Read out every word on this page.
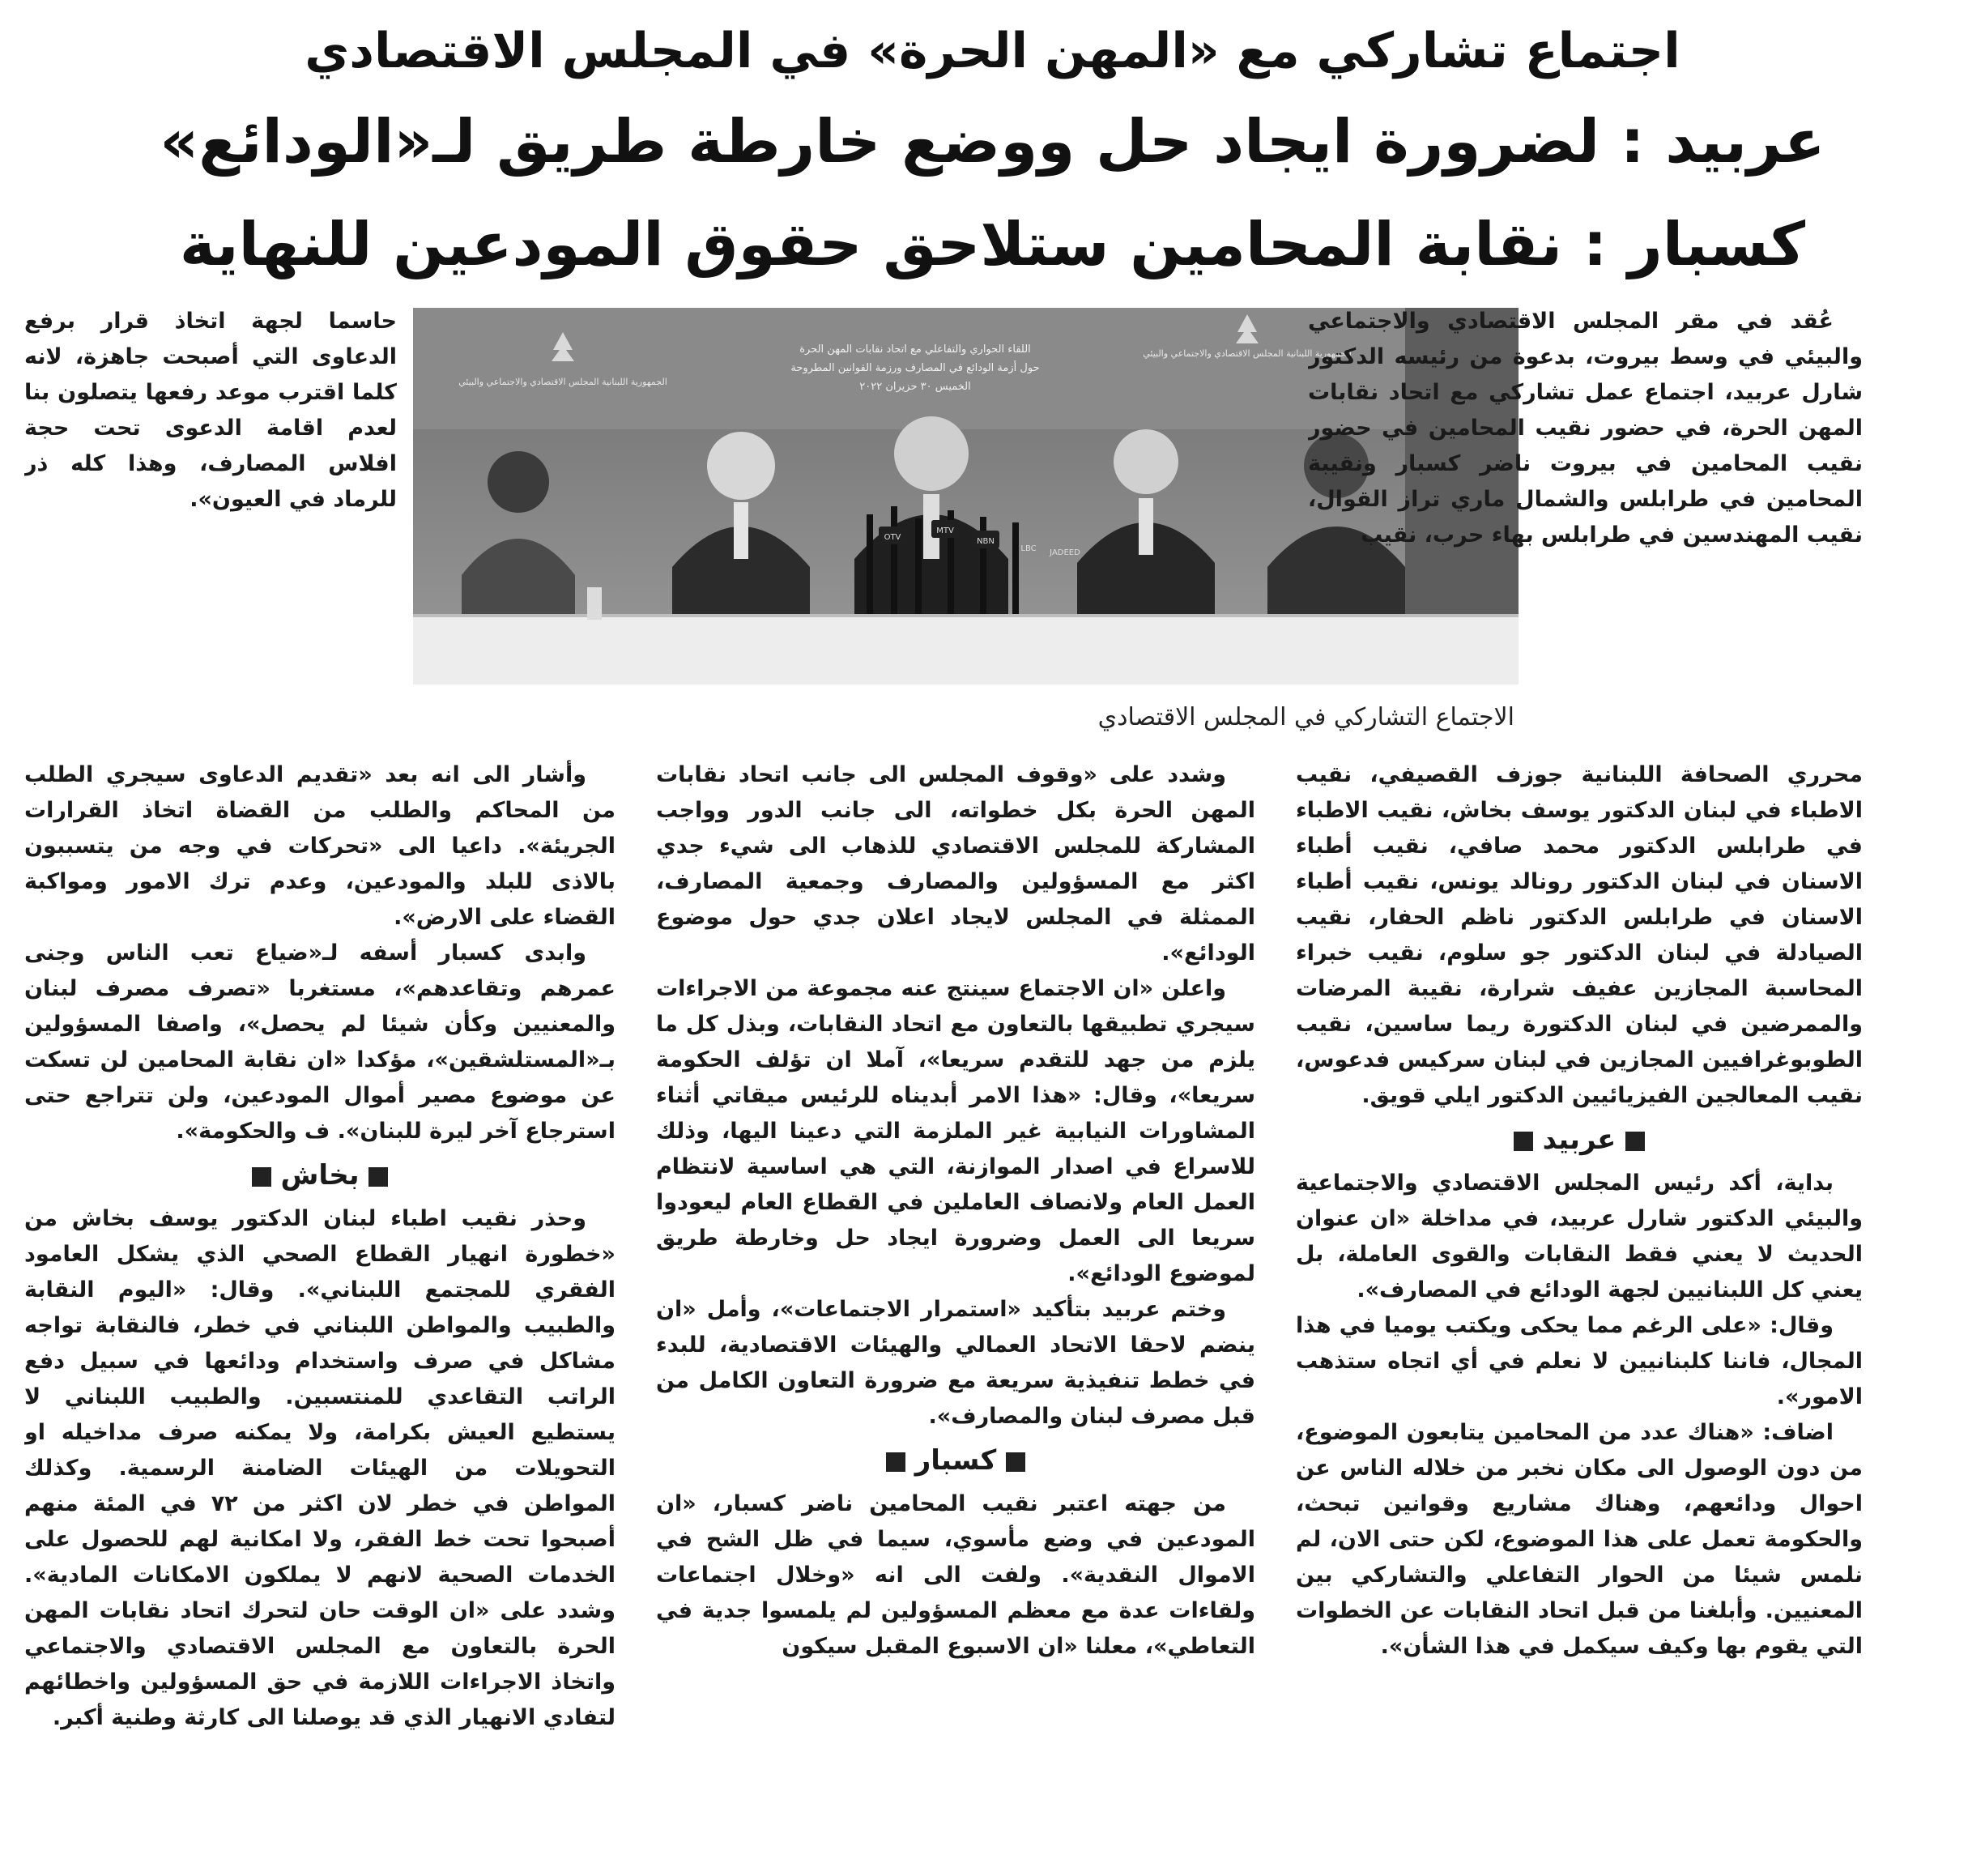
اجتماع تشاركي مع «المهن الحرة» في المجلس الاقتصادي
عربيد : لضرورة ايجاد حل ووضع خارطة طريق لـ«الودائع»
كسبار : نقابة المحامين ستلاحق حقوق المودعين للنهاية
الجمهورية اللبنانية المجلس الاقتصادي والاجتماعي والبيئي
اللقاء الحواري والتفاعلي مع اتحاد نقابات المهن الحرة
حول أزمة الودائع في المصارف ورزمة القوانين المطروحة
الخميس ٣٠ حزيران ٢٠٢٢
الجمهورية اللبنانية المجلس الاقتصادي والاجتماعي والبيئي
OTV
MTV
NBN
LBC JADEED
الاجتماع التشاركي في المجلس الاقتصادي

عُقد في مقر المجلس الاقتصادي والاجتماعي والبيئي في وسط بيروت، بدعوة من رئيسه الدكتور شارل عربيد، اجتماع عمل تشاركي مع اتحاد نقابات المهن الحرة، في حضور نقيب المحامين في حضور نقيب المحامين في بيروت ناضر كسبار ونقيبة المحامين في طرابلس والشمال ماري تراز القوال، نقيب المهندسين في طرابلس بهاء حرب، نقيب

محرري الصحافة اللبنانية جوزف القصيفي، نقيب الاطباء في لبنان الدكتور يوسف بخاش، نقيب الاطباء في طرابلس الدكتور محمد صافي، نقيب أطباء الاسنان في لبنان الدكتور رونالد يونس، نقيب أطباء الاسنان في طرابلس الدكتور ناظم الحفار، نقيب الصيادلة في لبنان الدكتور جو سلوم، نقيب خبراء المحاسبة المجازين عفيف شرارة، نقيبة المرضات والممرضين في لبنان الدكتورة ريما ساسين، نقيب الطوبوغرافيين المجازين في لبنان سركيس فدعوس، نقيب المعالجين الفيزيائيين الدكتور ايلي قويق.

عربيد

بداية، أكد رئيس المجلس الاقتصادي والاجتماعية والبيئي الدكتور شارل عربيد، في مداخلة «ان عنوان الحديث لا يعني فقط النقابات والقوى العاملة، بل يعني كل اللبنانيين لجهة الودائع في المصارف».

وقال: «على الرغم مما يحكى ويكتب يوميا في هذا المجال، فاننا كلبنانيين لا نعلم في أي اتجاه ستذهب الامور».

اضاف: «هناك عدد من المحامين يتابعون الموضوع، من دون الوصول الى مكان نخبر من خلاله الناس عن احوال ودائعهم، وهناك مشاريع وقوانين تبحث، والحكومة تعمل على هذا الموضوع، لكن حتى الان، لم نلمس شيئا من الحوار التفاعلي والتشاركي بين المعنيين. وأبلغنا من قبل اتحاد النقابات عن الخطوات التي يقوم بها وكيف سيكمل في هذا الشأن».

وشدد على «وقوف المجلس الى جانب اتحاد نقابات المهن الحرة بكل خطواته، الى جانب الدور وواجب المشاركة للمجلس الاقتصادي للذهاب الى شيء جدي اكثر مع المسؤولين والمصارف وجمعية المصارف، الممثلة في المجلس لايجاد اعلان جدي حول موضوع الودائع».

واعلن «ان الاجتماع سينتج عنه مجموعة من الاجراءات سيجري تطبيقها بالتعاون مع اتحاد النقابات، وبذل كل ما يلزم من جهد للتقدم سريعا»، آملا ان تؤلف الحكومة سريعا»، وقال: «هذا الامر أبديناه للرئيس ميقاتي أثناء المشاورات النيابية غير الملزمة التي دعينا اليها، وذلك للاسراع في اصدار الموازنة، التي هي اساسية لانتظام العمل العام ولانصاف العاملين في القطاع العام ليعودوا سريعا الى العمل وضرورة ايجاد حل وخارطة طريق لموضوع الودائع».

وختم عربيد بتأكيد «استمرار الاجتماعات»، وأمل «ان ينضم لاحقا الاتحاد العمالي والهيئات الاقتصادية، للبدء في خطط تنفيذية سريعة مع ضرورة التعاون الكامل من قبل مصرف لبنان والمصارف».

كسبار

من جهته اعتبر نقيب المحامين ناضر كسبار، «ان المودعين في وضع مأسوي، سيما في ظل الشح في الاموال النقدية». ولفت الى انه «وخلال اجتماعات ولقاءات عدة مع معظم المسؤولين لم يلمسوا جدية في التعاطي»، معلنا «ان الاسبوع المقبل سيكون

حاسما لجهة اتخاذ قرار برفع الدعاوى التي أصبحت جاهزة، لانه كلما اقترب موعد رفعها يتصلون بنا لعدم اقامة الدعوى تحت حجة افلاس المصارف، وهذا كله ذر للرماد في العيون».

وأشار الى انه بعد «تقديم الدعاوى سيجري الطلب من المحاكم والطلب من القضاة اتخاذ القرارات الجريئة». داعيا الى «تحركات في وجه من يتسببون بالاذى للبلد والمودعين، وعدم ترك الامور ومواكبة القضاء على الارض».

وابدى كسبار أسفه لـ«ضياع تعب الناس وجنى عمرهم وتقاعدهم»، مستغربا «تصرف مصرف لبنان والمعنيين وكأن شيئا لم يحصل»، واصفا المسؤولين بـ«المستلشقين»، مؤكدا «ان نقابة المحامين لن تسكت عن موضوع مصير أموال المودعين، ولن تتراجع حتى استرجاع آخر ليرة للبنان». ف والحكومة».

بخاش

وحذر نقيب اطباء لبنان الدكتور يوسف بخاش من «خطورة انهيار القطاع الصحي الذي يشكل العامود الفقري للمجتمع اللبناني». وقال: «اليوم النقابة والطبيب والمواطن اللبناني في خطر، فالنقابة تواجه مشاكل في صرف واستخدام ودائعها في سبيل دفع الراتب التقاعدي للمنتسبين. والطبيب اللبناني لا يستطيع العيش بكرامة، ولا يمكنه صرف مداخيله او التحويلات من الهيئات الضامنة الرسمية. وكذلك المواطن في خطر لان اكثر من ٧٢ في المئة منهم أصبحوا تحت خط الفقر، ولا امكانية لهم للحصول على الخدمات الصحية لانهم لا يملكون الامكانات المادية». وشدد على «ان الوقت حان لتحرك اتحاد نقابات المهن الحرة بالتعاون مع المجلس الاقتصادي والاجتماعي واتخاذ الاجراءات اللازمة في حق المسؤولين واخطائهم لتفادي الانهيار الذي قد يوصلنا الى كارثة وطنية أكبر.
